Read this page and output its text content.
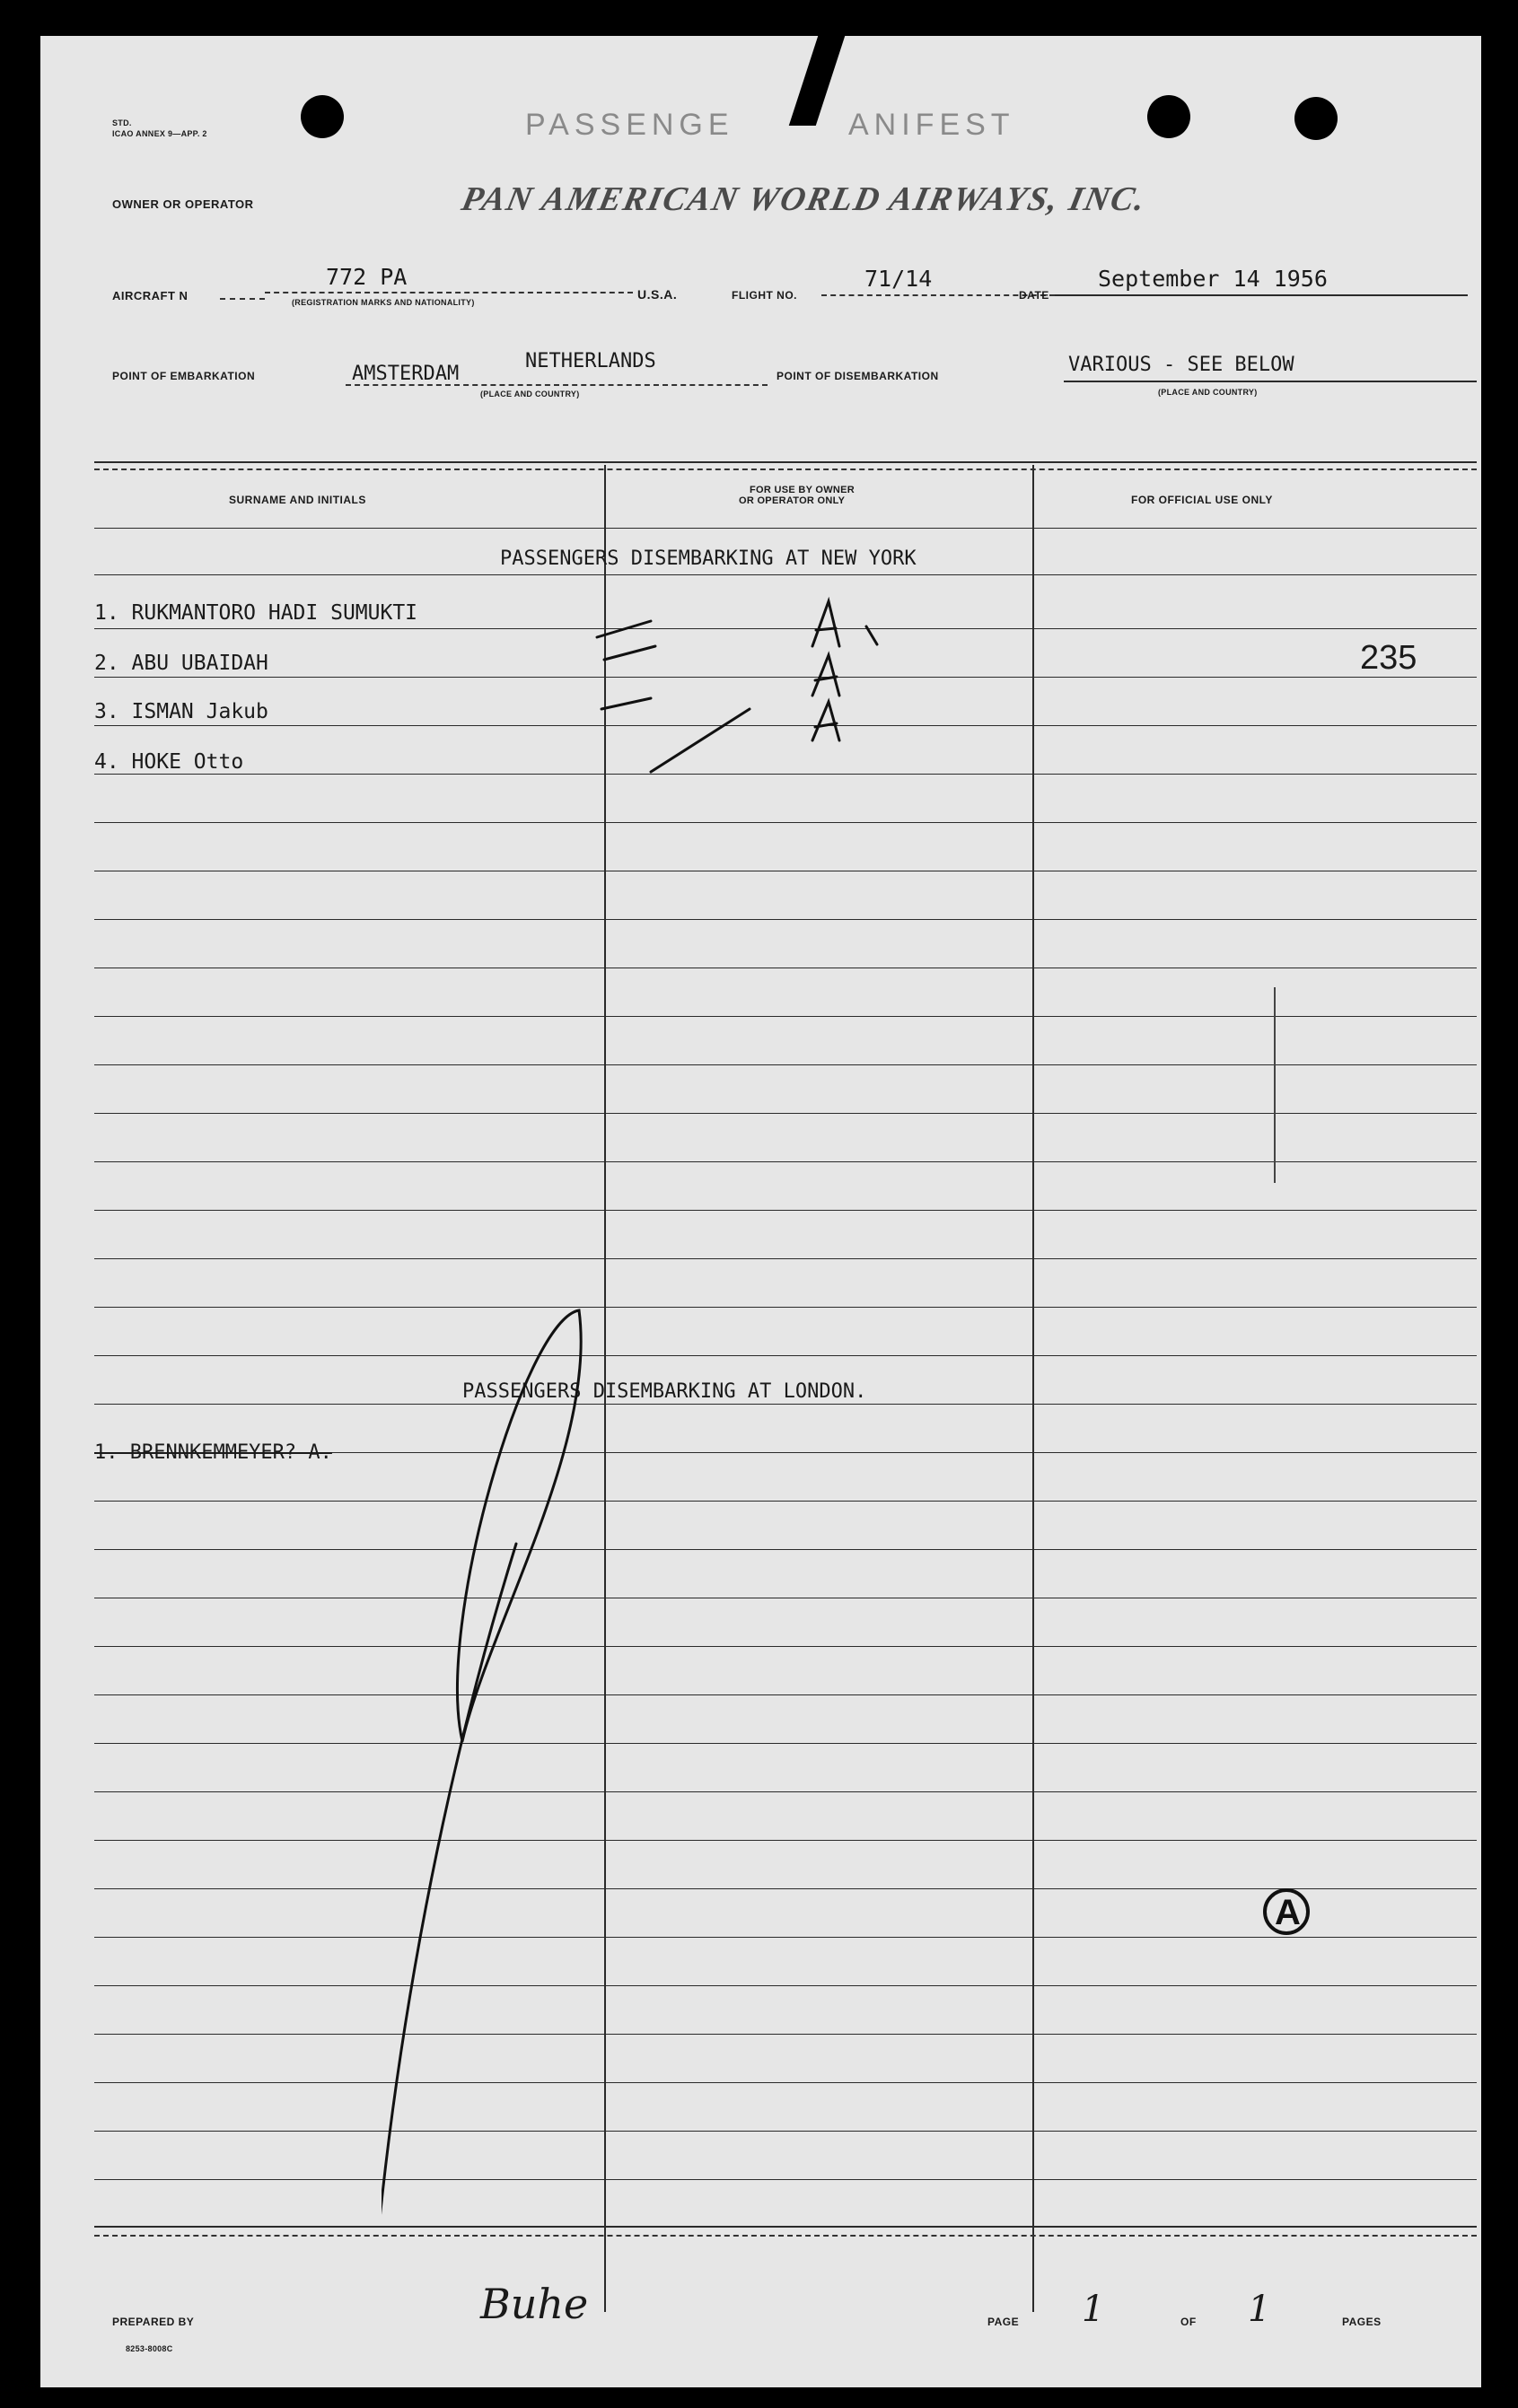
STD.
ICAO ANNEX 9—APP. 2	PASSENGE	ANIFEST
OWNER OR OPERATOR	PAN AMERICAN WORLD AIRWAYS, INC.
AIRCRAFT N
772 PA
(REGISTRATION MARKS AND NATIONALITY)
U.S.A.	FLIGHT NO.
71/14
DATE
September 14 1956
POINT OF EMBARKATION	AMSTERDAM
NETHERLANDS
(PLACE AND COUNTRY)
POINT OF DISEMBARKATION	VARIOUS - SEE BELOW
(PLACE AND COUNTRY)
SURNAME AND INITIALS
FOR USE BY OWNER
OR OPERATOR ONLY	FOR OFFICIAL USE ONLY
PASSENGERS DISEMBARKING AT NEW YORK
PASSENGERS DISEMBARKING AT LONDON.
1. RUKMANTORO HADI SUMUKTI
2. ABU UBAIDAH
3. ISMAN Jakub
4. HOKE Otto
1. BRENNKEMMEYER? A.
235
A
PREPARED BY	Buhe	PAGE 1	OF 1	PAGES
8253-8008C
